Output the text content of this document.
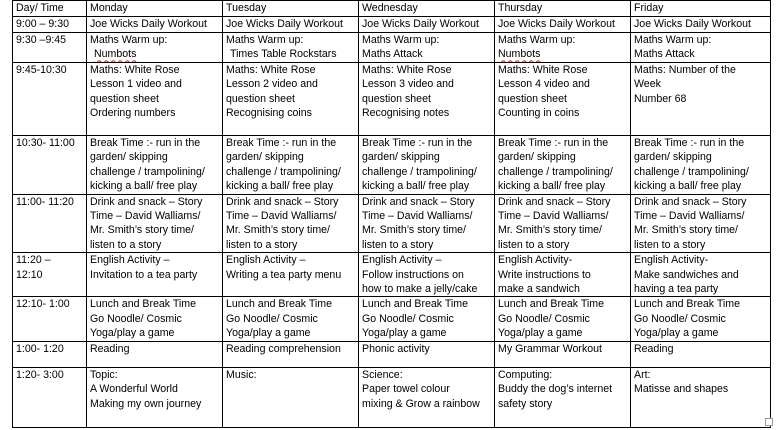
Day/ Time	Monday	Tuesday	Wednesday	Thursday	Friday

9:00 – 9:30	Joe Wicks Daily Workout	Joe Wicks Daily Workout	Joe Wicks Daily Workout	Joe Wicks Daily Workout	Joe Wicks Daily Workout

9:30 –9:45	Maths Warm up:
Numbots	Maths Warm up:
Times Table Rockstars	Maths Warm up:
Maths Attack	Maths Warm up:
Numbots	Maths Warm up:
Maths Attack

9:45-10:30	Maths: White Rose
Lesson 1 video and
question sheet
Ordering numbers	Maths: White Rose
Lesson 2 video and
question sheet
Recognising coins	Maths: White Rose
Lesson 3 video and
question sheet
Recognising notes	Maths: White Rose
Lesson 4 video and
question sheet
Counting in coins	Maths: Number of the
Week
Number 68

10:30- 11:00	Break Time :- run in the
garden/ skipping
challenge / trampolining/
kicking a ball/ free play	Break Time :- run in the
garden/ skipping
challenge / trampolining/
kicking a ball/ free play	Break Time :- run in the
garden/ skipping
challenge / trampolining/
kicking a ball/ free play	Break Time :- run in the
garden/ skipping
challenge / trampolining/
kicking a ball/ free play	Break Time :- run in the
garden/ skipping
challenge / trampolining/
kicking a ball/ free play

11:00- 11:20	Drink and snack – Story
Time – David Walliams/
Mr. Smith’s story time/
listen to a story	Drink and snack – Story
Time – David Walliams/
Mr. Smith’s story time/
listen to a story	Drink and snack – Story
Time – David Walliams/
Mr. Smith’s story time/
listen to a story	Drink and snack – Story
Time – David Walliams/
Mr. Smith’s story time/
listen to a story	Drink and snack – Story
Time – David Walliams/
Mr. Smith’s story time/
listen to a story

11:20 –
12:10	English Activity –
Invitation to a tea party	English Activity –
Writing a tea party menu	English Activity –
Follow instructions on
how to make a jelly/cake	English Activity-
Write instructions to
make a sandwich	English Activity-
Make sandwiches and
having a tea party

12:10- 1:00	Lunch and Break Time
Go Noodle/ Cosmic
Yoga/play a game	Lunch and Break Time
Go Noodle/ Cosmic
Yoga/play a game	Lunch and Break Time
Go Noodle/ Cosmic
Yoga/play a game	Lunch and Break Time
Go Noodle/ Cosmic
Yoga/play a game	Lunch and Break Time
Go Noodle/ Cosmic
Yoga/play a game

1:00- 1:20	Reading	Reading comprehension	Phonic activity	My Grammar Workout	Reading

1:20- 3:00	Topic:
A Wonderful World
Making my own journey	Music:	Science:
Paper towel colour
mixing & Grow a rainbow	Computing:
Buddy the dog’s internet
safety story	Art:
Matisse and shapes
